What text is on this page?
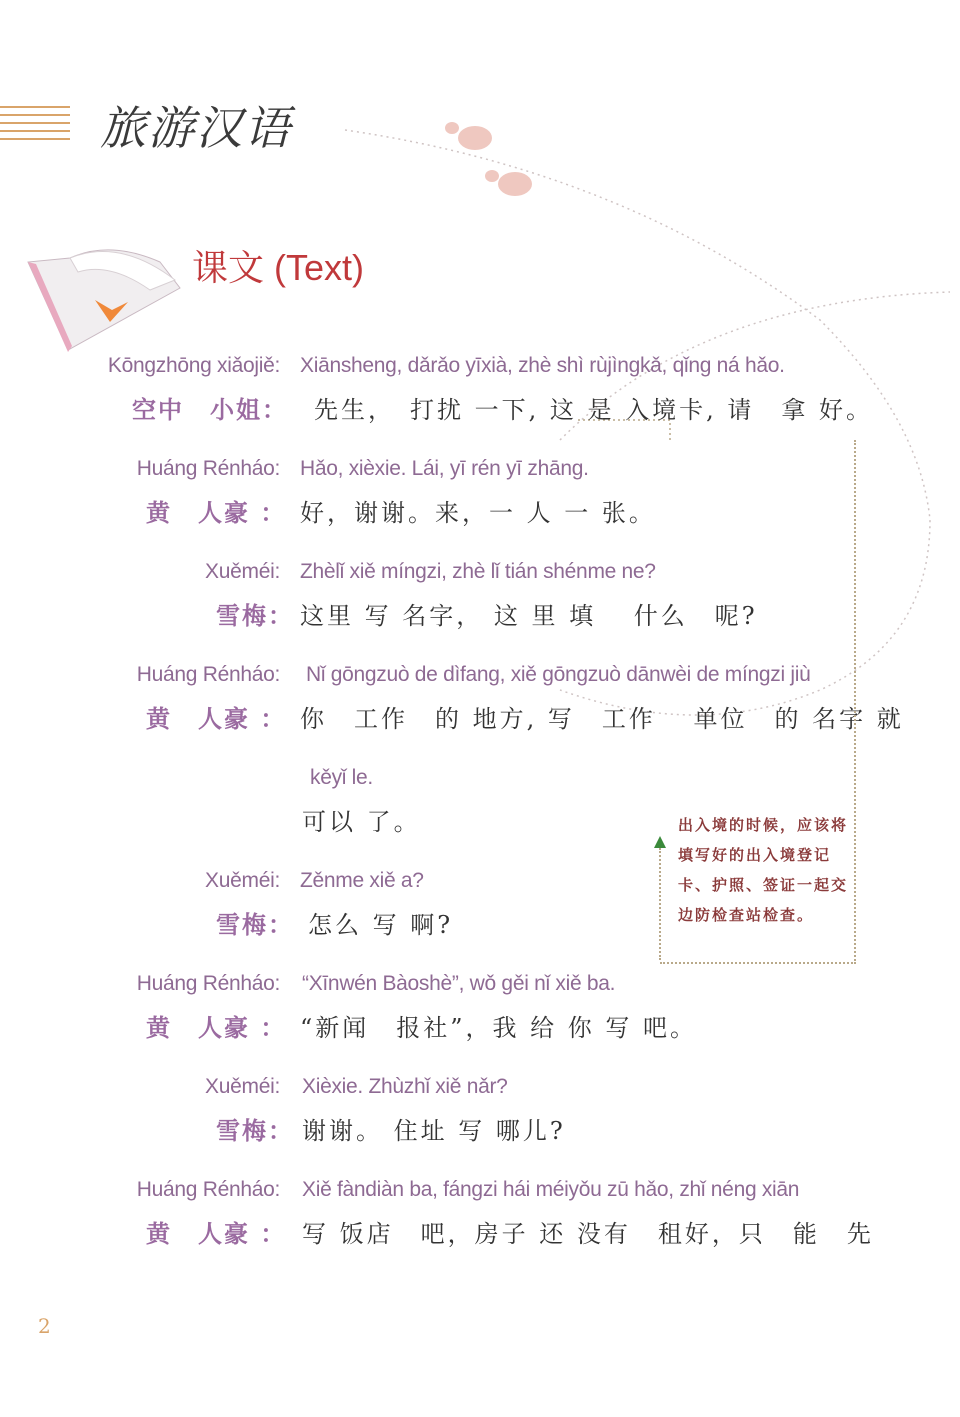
旅游汉语
课文 (Text)
Kōngzhōng xiǎojiě: Xiānsheng, dǎrǎo yīxià, zhè shì rùjìngkǎ, qǐng ná hǎo.
空中　小姐： 先生，　打扰 一下, 这 是 入境卡, 请　拿 好。
Huáng Rénháo: Hǎo, xièxie. Lái, yī rén yī zhāng.
黄　人豪 ： 好，谢谢。来，一 人 一 张。
Xuěméi: Zhèlǐ xiě míngzi, zhè lǐ tián shénme ne?
雪梅： 这里 写 名字， 这 里 填　 什么　呢?
Huáng Rénháo: Nǐ gōngzuò de dìfang, xiě gōngzuò dānwèi de míngzi jiù
黄　人豪 ： 你　工作　的 地方, 写　工作　 单位　的 名字 就
kěyǐ le.
可以 了。
Xuěméi: Zěnme xiě a?
雪梅： 怎么 写 啊?
Huáng Rénháo: “Xīnwén Bàoshè”, wǒ gěi nǐ xiě ba.
黄　人豪 ： “新闻　报社”，我 给 你 写 吧。
Xuěméi: Xièxie. Zhùzhǐ xiě nǎr?
雪梅： 谢谢。 住址 写 哪儿?
Huáng Rénháo: Xiě fàndiàn ba, fángzi hái méiyǒu zū hǎo, zhǐ néng xiān
黄　人豪 ： 写 饭店　吧，房子 还 没有　租好，只　能　先
出入境的时候，应该将填写好的出入境登记卡、护照、签证一起交边防检查站检查。
2
